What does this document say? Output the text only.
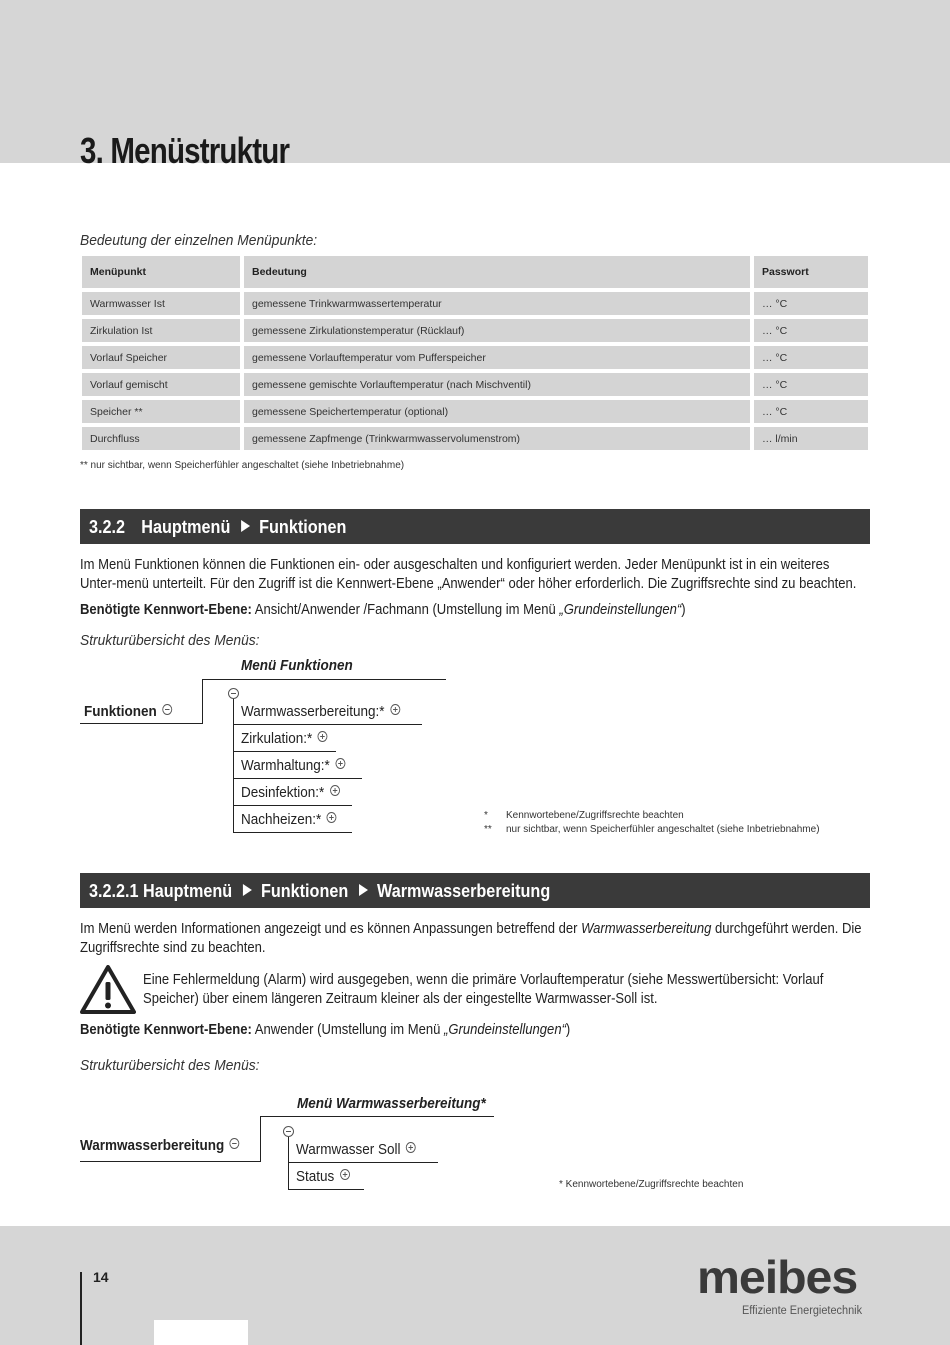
3. Menüstruktur
Bedeutung der einzelnen Menüpunkte:
Menüpunkt	Bedeutung	Passwort
Warmwasser Ist	gemessene Trinkwarmwassertemperatur	… °C
Zirkulation Ist	gemessene Zirkulationstemperatur (Rücklauf)	… °C
Vorlauf Speicher	gemessene Vorlauftemperatur vom Pufferspeicher	… °C
Vorlauf gemischt	gemessene gemischte Vorlauftemperatur (nach Mischventil)	… °C
Speicher **	gemessene Speichertemperatur (optional)	… °C
Durchfluss	gemessene Zapfmenge (Trinkwarmwasservolumenstrom)	… l/min
** nur sichtbar, wenn Speicherfühler angeschaltet (siehe Inbetriebnahme)
3.2.2 Hauptmenü Funktionen
Im Menü Funktionen können die Funktionen ein- oder ausgeschalten und konfiguriert werden. Jeder Menüpunkt ist in ein weiteres Unter-menü unterteilt. Für den Zugriff ist die Kennwert-Ebene „Anwender“ oder höher erforderlich. Die Zugriffsrechte sind zu beachten.
Benötigte Kennwort-Ebene: Ansicht/Anwender /Fachmann (Umstellung im Menü „Grundeinstellungen“)
Strukturübersicht des Menüs:
Menü Funktionen
Funktionen	Warmwasserbereitung:*
Zirkulation:*
Warmhaltung:*
Desinfektion:*
Nachheizen:*	* Kennwortebene/Zugriffsrechte beachten
** nur sichtbar, wenn Speicherfühler angeschaltet (siehe Inbetriebnahme)
3.2.2.1 Hauptmenü Funktionen Warmwasserbereitung
Im Menü werden Informationen angezeigt und es können Anpassungen betreffend der Warmwasserbereitung durchgeführt werden. Die Zugriffsrechte sind zu beachten.
Eine Fehlermeldung (Alarm) wird ausgegeben, wenn die primäre Vorlauftemperatur (siehe Messwertübersicht: Vorlauf Speicher) über einem längeren Zeitraum kleiner als der eingestellte Warmwasser-Soll ist.
Benötigte Kennwort-Ebene: Anwender (Umstellung im Menü „Grundeinstellungen“)
Strukturübersicht des Menüs:
Menü Warmwasserbereitung*
Warmwasserbereitung	Warmwasser Soll
Status	* Kennwortebene/Zugriffsrechte beachten
14	meibes
Effiziente Energietechnik
